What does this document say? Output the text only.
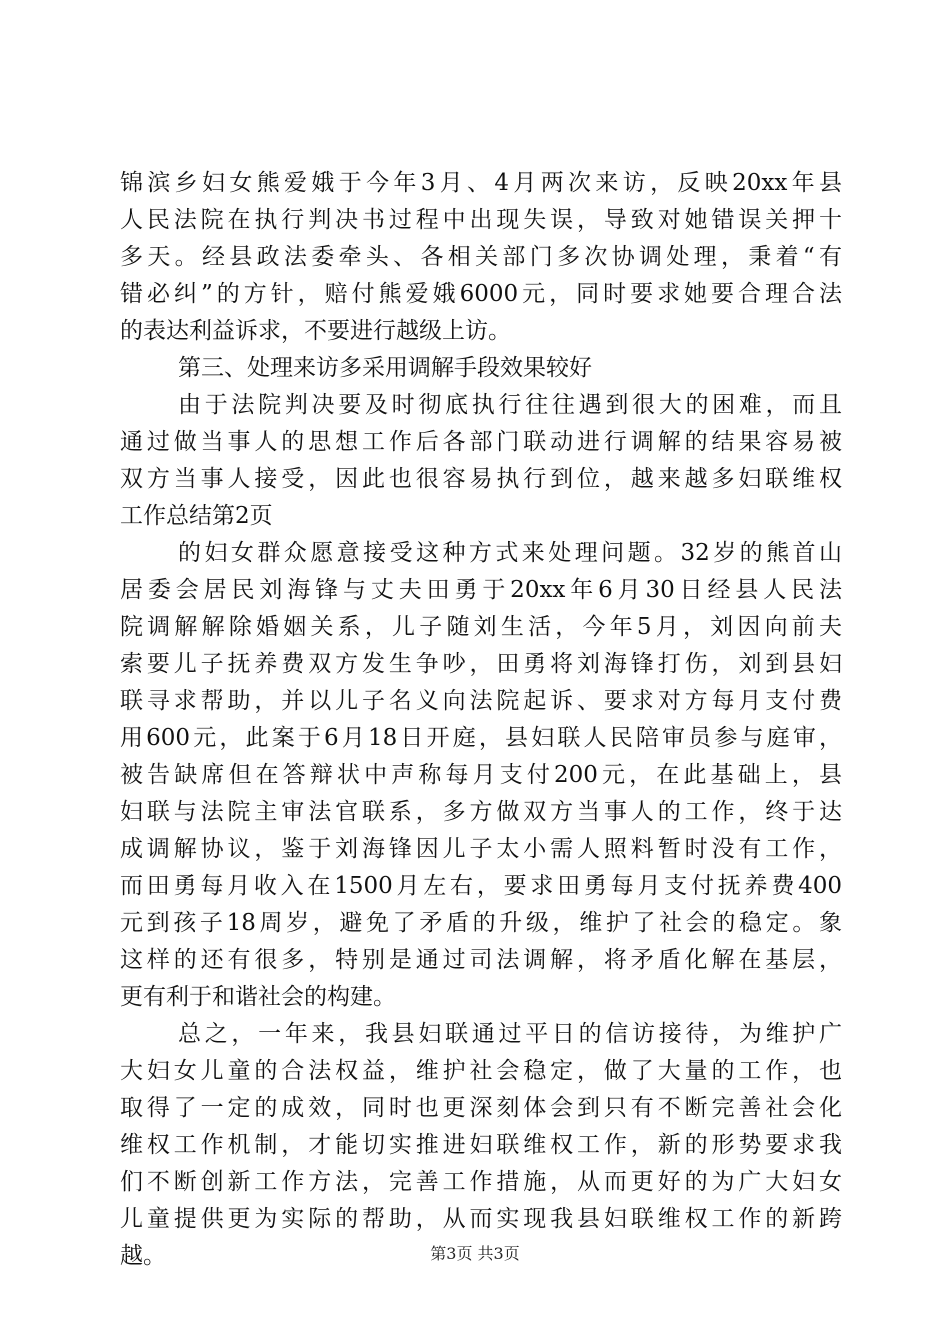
锦滨乡妇女熊爱娥于今年3月、4月两次来访，反映20xx年县
人民法院在执行判决书过程中出现失误，导致对她错误关押十
多天。经县政法委牵头、各相关部门多次协调处理，秉着“有
错必纠”的方针，赔付熊爱娥6000元，同时要求她要合理合法
的表达利益诉求，不要进行越级上访。
第三、处理来访多采用调解手段效果较好
由于法院判决要及时彻底执行往往遇到很大的困难，而且
通过做当事人的思想工作后各部门联动进行调解的结果容易被
双方当事人接受，因此也很容易执行到位，越来越多妇联维权
工作总结第2页
的妇女群众愿意接受这种方式来处理问题。32岁的熊首山
居委会居民刘海锋与丈夫田勇于20xx年6月30日经县人民法
院调解解除婚姻关系，儿子随刘生活，今年5月，刘因向前夫
索要儿子抚养费双方发生争吵，田勇将刘海锋打伤，刘到县妇
联寻求帮助，并以儿子名义向法院起诉、要求对方每月支付费
用600元，此案于6月18日开庭，县妇联人民陪审员参与庭审，
被告缺席但在答辩状中声称每月支付200元，在此基础上，县
妇联与法院主审法官联系，多方做双方当事人的工作，终于达
成调解协议，鉴于刘海锋因儿子太小需人照料暂时没有工作，
而田勇每月收入在1500月左右，要求田勇每月支付抚养费400
元到孩子18周岁，避免了矛盾的升级，维护了社会的稳定。象
这样的还有很多，特别是通过司法调解，将矛盾化解在基层，
更有利于和谐社会的构建。
总之，一年来，我县妇联通过平日的信访接待，为维护广
大妇女儿童的合法权益，维护社会稳定，做了大量的工作，也
取得了一定的成效，同时也更深刻体会到只有不断完善社会化
维权工作机制，才能切实推进妇联维权工作，新的形势要求我
们不断创新工作方法，完善工作措施，从而更好的为广大妇女
儿童提供更为实际的帮助，从而实现我县妇联维权工作的新跨
越。	第3页 共3页
